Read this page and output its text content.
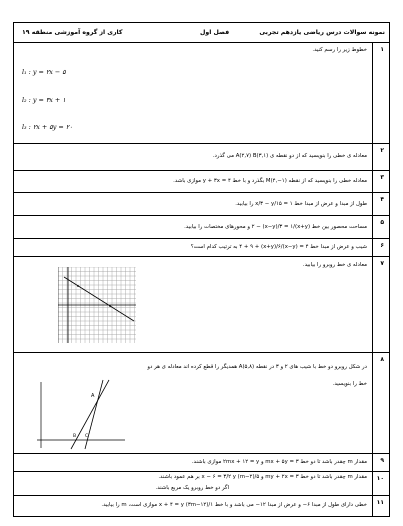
نمونه سوالات درس ریاضی یازدهم تجربی
فصل اول
کاری از گروه آموزشی منطقه ۱۹
۱
خطوط زیر را رسم کنید.
l₁ : y = ۲x − ۵
l₂ : y = ۳x + ۱
l₃ : ۲x + ۵y = ۲۰
۲
معادله ی خطی را بنویسید که از دو نقطه ی A(۲,۷) B(۳,۱) می گذرد.
۳
معادله خطی را بنویسید که از نقطه M(۴,−۱) بگذرد و با خط y + ۳x = ۴ موازی باشد.
۴
طول از مبدا و عرض از مبدا خط x/۳ − y/۱۵ = ۱ را بیابید.
۵
مساحت محصور بین خط (x+y)/۲ − (x−y)/۳ = ۱ و محورهای مختصات را بیابید.
۶
شیب و عرض از مبدا خط ۴ = (x−y)/۴ + ۹ + (x+y)/۶ به ترتیب کدام است؟
۷
معادله ی خط روبرو را بیابید.
۸
در شکل روبرو دو خط با شیب های ۲ و ۳ در نقطه A(۵,۸) همدیگر را قطع کرده اند معادله ی هر دو
خط را بنویسید.
A
B C
۹
مقدار m چقدر باشد تا دو خط mx + ۵y = ۳ و ۲mx + ۱۲ = y موازی باشند.
۱۰
مقدار m چقدر باشد تا دو خط my + ۲x = ۳ و ۵/(m−۲) x − ۶ = ۳/۲ y بر هم عمود باشند.
اگر دو خط روبرو یک مربع باشند.
۱۱
خطی دارای طول از مبدا ۶− و عرض از مبدا ۱۲− می باشد و با خط ۱/(۳m−۱۲) x + ۴ = y موازی است، m را بیابید.
